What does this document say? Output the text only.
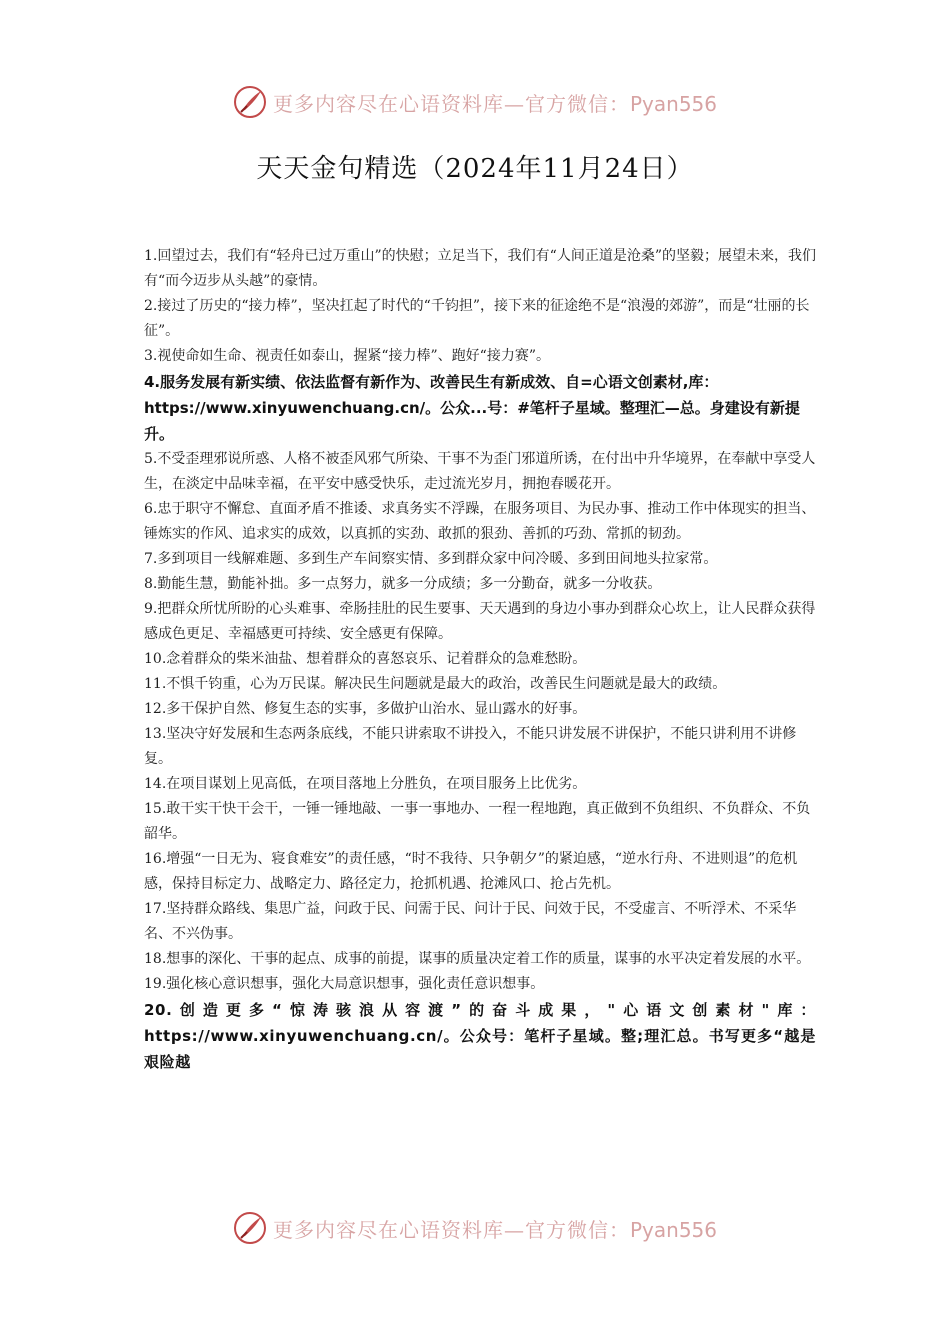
更多内容尽在心语资料库—官方微信：Pyan556
天天金句精选（2024年11月24日）

1.回望过去，我们有“轻舟已过万重山”的快慰；立足当下，我们有“人间正道是沧桑”的坚毅；展望未来，我们有“而今迈步从头越”的豪情。

2.接过了历史的“接力棒”，坚决扛起了时代的“千钧担”，接下来的征途绝不是“浪漫的郊游”，而是“壮丽的长征”。

3.视使命如生命、视责任如泰山，握紧“接力棒”、跑好“接力赛”。

4.服务发展有新实绩、依法监督有新作为、改善民生有新成效、自=心语文创素材,库：https://www.xinyuwenchuang.cn/。公众...号：#笔杆子星域。整理汇—总。身建设有新提升。

5.不受歪理邪说所惑、人格不被歪风邪气所染、干事不为歪门邪道所诱，在付出中升华境界，在奉献中享受人生，在淡定中品味幸福，在平安中感受快乐，走过流光岁月，拥抱春暖花开。

6.忠于职守不懈怠、直面矛盾不推诿、求真务实不浮躁，在服务项目、为民办事、推动工作中体现实的担当、锤炼实的作风、追求实的成效，以真抓的实劲、敢抓的狠劲、善抓的巧劲、常抓的韧劲。

7.多到项目一线解难题、多到生产车间察实情、多到群众家中问冷暖、多到田间地头拉家常。

8.勤能生慧，勤能补拙。多一点努力，就多一分成绩；多一分勤奋，就多一分收获。

9.把群众所忧所盼的心头难事、牵肠挂肚的民生要事、天天遇到的身边小事办到群众心坎上，让人民群众获得感成色更足、幸福感更可持续、安全感更有保障。

10.念着群众的柴米油盐、想着群众的喜怒哀乐、记着群众的急难愁盼。

11.不惧千钧重，心为万民谋。解决民生问题就是最大的政治，改善民生问题就是最大的政绩。

12.多干保护自然、修复生态的实事，多做护山治水、显山露水的好事。

13.坚决守好发展和生态两条底线，不能只讲索取不讲投入，不能只讲发展不讲保护，不能只讲利用不讲修复。

14.在项目谋划上见高低，在项目落地上分胜负，在项目服务上比优劣。

15.敢干实干快干会干，一锤一锤地敲、一事一事地办、一程一程地跑，真正做到不负组织、不负群众、不负韶华。

16.增强“一日无为、寝食难安”的责任感，“时不我待、只争朝夕”的紧迫感，“逆水行舟、不进则退”的危机感，保持目标定力、战略定力、路径定力，抢抓机遇、抢滩风口、抢占先机。

17.坚持群众路线、集思广益，问政于民、问需于民、问计于民、问效于民，不受虚言、不听浮术、不采华名、不兴伪事。

18.想事的深化、干事的起点、成事的前提，谋事的质量决定着工作的质量，谋事的水平决定着发展的水平。

19.强化核心意识想事，强化大局意识想事，强化责任意识想事。

20.创造更多“惊涛骇浪从容渡”的奋斗成果，"心语文创素材"库：https://www.xinyuwenchuang.cn/。公众号：笔杆子星域。整;理汇总。书写更多“越是艰险越

更多内容尽在心语资料库—官方微信：Pyan556
